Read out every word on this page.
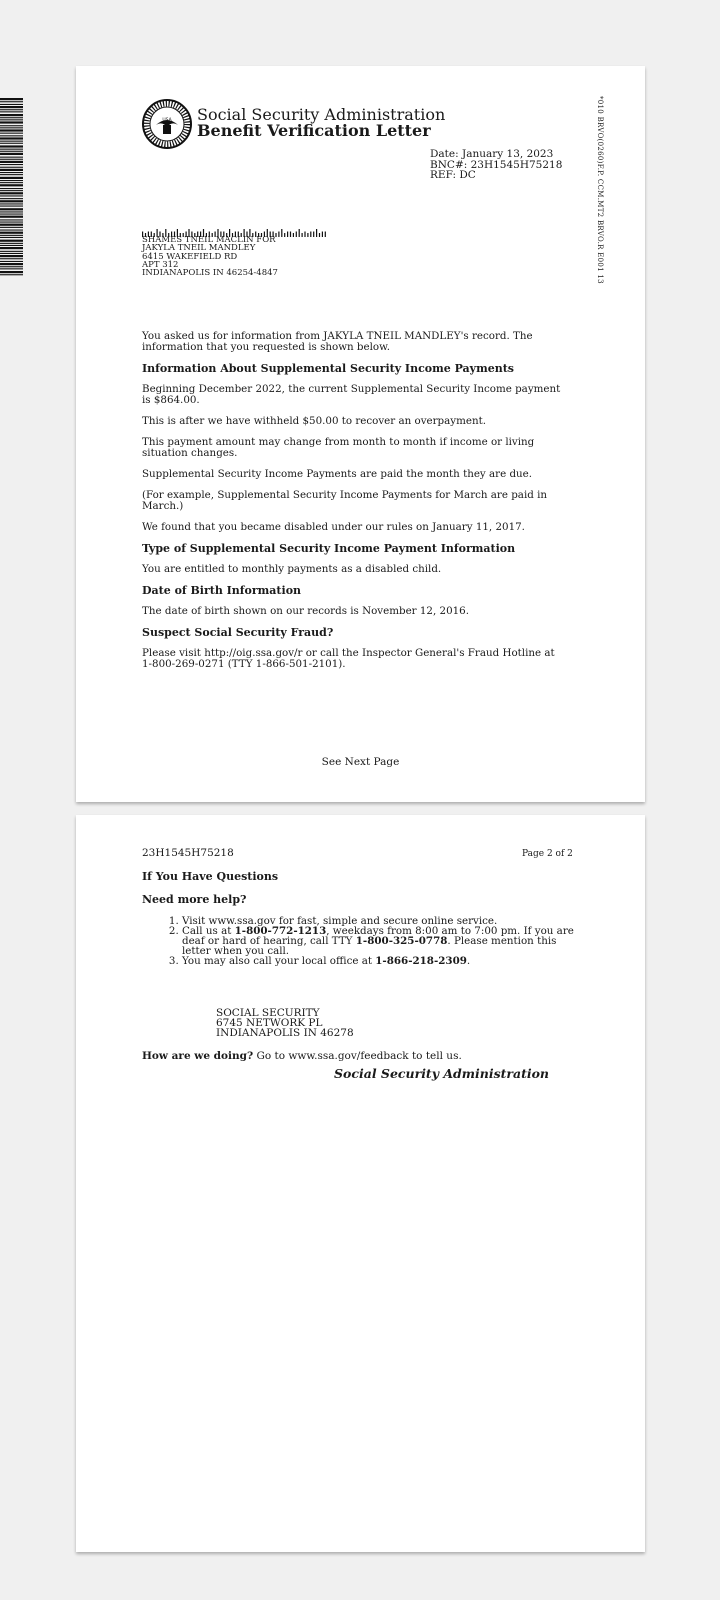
USA Social Security Administration
Benefit Verification Letter
Date: January 13, 2023
BNC#: 23H1545H75218
REF: DC	*010 BRVO(0260)F.P. CCM.MT2 BRVO.R E001 13
SHAMES TNEIL MACLIN FOR
JAKYLA TNEIL MANDLEY
6415 WAKEFIELD RD
APT 312
INDIANAPOLIS IN 46254-4847

You asked us for information from JAKYLA TNEIL MANDLEY's record. The information that you requested is shown below.

Information About Supplemental Security Income Payments

Beginning December 2022, the current Supplemental Security Income payment is $864.00.

This is after we have withheld $50.00 to recover an overpayment.

This payment amount may change from month to month if income or living situation changes.

Supplemental Security Income Payments are paid the month they are due.

(For example, Supplemental Security Income Payments for March are paid in March.)

We found that you became disabled under our rules on January 11, 2017.

Type of Supplemental Security Income Payment Information

You are entitled to monthly payments as a disabled child.

Date of Birth Information

The date of birth shown on our records is November 12, 2016.

Suspect Social Security Fraud?

Please visit http://oig.ssa.gov/r or call the Inspector General's Fraud Hotline at 1-800-269-0271 (TTY 1-866-501-2101).

See Next Page
23H1545H75218	Page 2 of 2
If You Have Questions
Need more help?
1. Visit www.ssa.gov for fast, simple and secure online service.
2. Call us at 1-800-772-1213, weekdays from 8:00 am to 7:00 pm. If you are deaf or hard of hearing, call TTY 1-800-325-0778. Please mention this letter when you call.
3. You may also call your local office at 1-866-218-2309.
SOCIAL SECURITY
6745 NETWORK PL
INDIANAPOLIS IN 46278
How are we doing? Go to www.ssa.gov/feedback to tell us.
Social Security Administration
